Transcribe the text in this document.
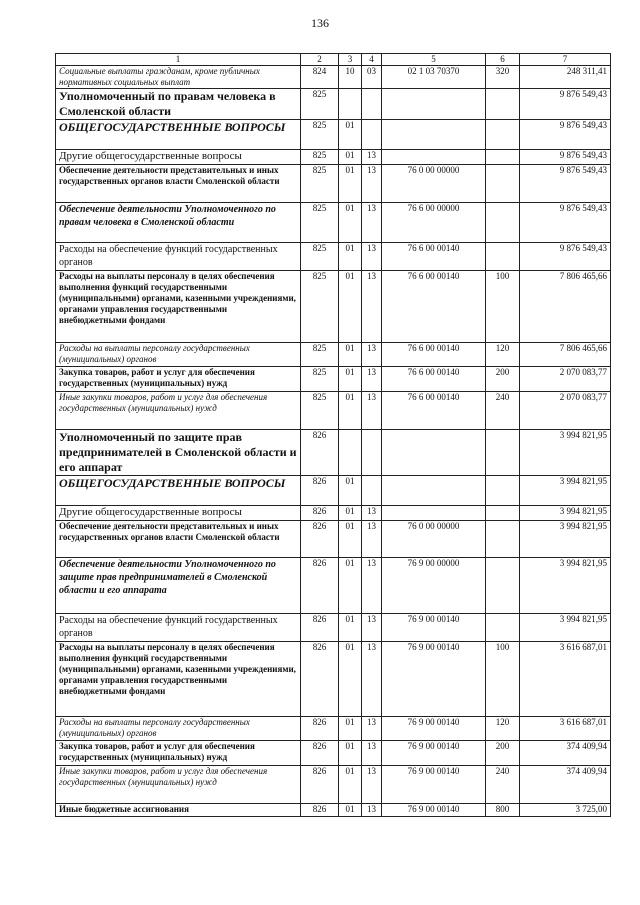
136
1	2	3	4	5	6	7
Социальные выплаты гражданам, кроме публичных нормативных социальных выплат	824	10	03	02 1 03 70370	320	248 311,41
Уполномоченный по правам человека в Смоленской области	825					9 876 549,43
ОБЩЕГОСУДАРСТВЕННЫЕ ВОПРОСЫ	825	01				9 876 549,43
Другие общегосударственные вопросы	825	01	13			9 876 549,43
Обеспечение деятельности представительных и иных государственных органов власти Смоленской области	825	01	13	76 0 00 00000		9 876 549,43
Обеспечение деятельности Уполномоченного по правам человека в Смоленской области	825	01	13	76 6 00 00000		9 876 549,43
Расходы на обеспечение функций государственных органов	825	01	13	76 6 00 00140		9 876 549,43
Расходы на выплаты персоналу в целях обеспечения выполнения функций государственными (муниципальными) органами, казенными учреждениями, органами управления государственными внебюджетными фондами	825	01	13	76 6 00 00140	100	7 806 465,66
Расходы на выплаты персоналу государственных (муниципальных) органов	825	01	13	76 6 00 00140	120	7 806 465,66
Закупка товаров, работ и услуг для обеспечения государственных (муниципальных) нужд	825	01	13	76 6 00 00140	200	2 070 083,77
Иные закупки товаров, работ и услуг для обеспечения государственных (муниципальных) нужд	825	01	13	76 6 00 00140	240	2 070 083,77
Уполномоченный по защите прав предпринимателей в Смоленской области и его аппарат	826					3 994 821,95
ОБЩЕГОСУДАРСТВЕННЫЕ ВОПРОСЫ	826	01				3 994 821,95
Другие общегосударственные вопросы	826	01	13			3 994 821,95
Обеспечение деятельности представительных и иных государственных органов власти Смоленской области	826	01	13	76 0 00 00000		3 994 821,95
Обеспечение деятельности Уполномоченного по защите прав предпринимателей в Смоленской области и его аппарата	826	01	13	76 9 00 00000		3 994 821,95
Расходы на обеспечение функций государственных органов	826	01	13	76 9 00 00140		3 994 821,95
Расходы на выплаты персоналу в целях обеспечения выполнения функций государственными (муниципальными) органами, казенными учреждениями, органами управления государственными внебюджетными фондами	826	01	13	76 9 00 00140	100	3 616 687,01
Расходы на выплаты персоналу государственных (муниципальных) органов	826	01	13	76 9 00 00140	120	3 616 687,01
Закупка товаров, работ и услуг для обеспечения государственных (муниципальных) нужд	826	01	13	76 9 00 00140	200	374 409,94
Иные закупки товаров, работ и услуг для обеспечения государственных (муниципальных) нужд	826	01	13	76 9 00 00140	240	374 409,94
Иные бюджетные ассигнования	826	01	13	76 9 00 00140	800	3 725,00
